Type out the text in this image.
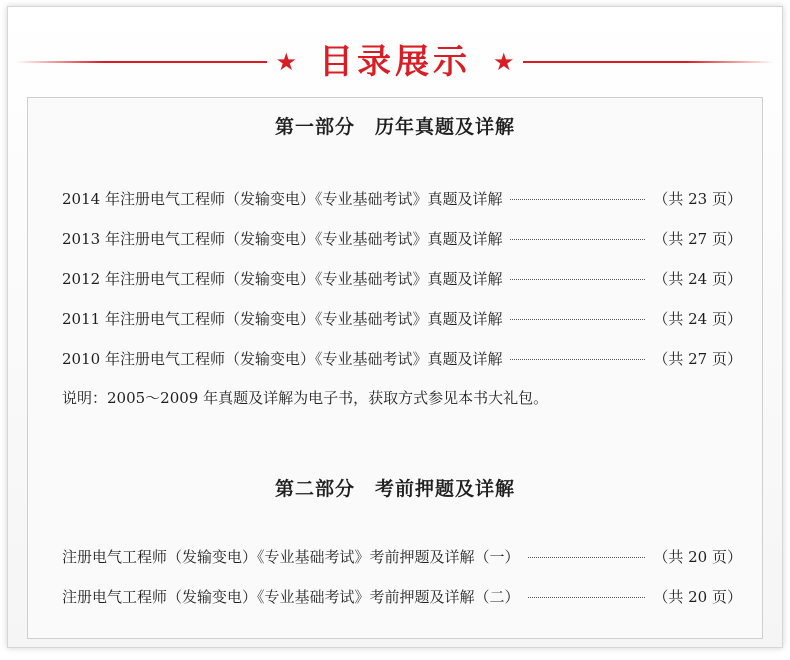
★ 目录展示 ★
第一部分　历年真题及详解
2014 年注册电气工程师（发输变电）《专业基础考试》真题及详解	（共 23 页）
2013 年注册电气工程师（发输变电）《专业基础考试》真题及详解	（共 27 页）
2012 年注册电气工程师（发输变电）《专业基础考试》真题及详解	（共 24 页）
2011 年注册电气工程师（发输变电）《专业基础考试》真题及详解	（共 24 页）
2010 年注册电气工程师（发输变电）《专业基础考试》真题及详解	（共 27 页）
说明：2005～2009 年真题及详解为电子书，获取方式参见本书大礼包。
第二部分　考前押题及详解
注册电气工程师（发输变电）《专业基础考试》考前押题及详解（一）	（共 20 页）
注册电气工程师（发输变电）《专业基础考试》考前押题及详解（二）	（共 20 页）
